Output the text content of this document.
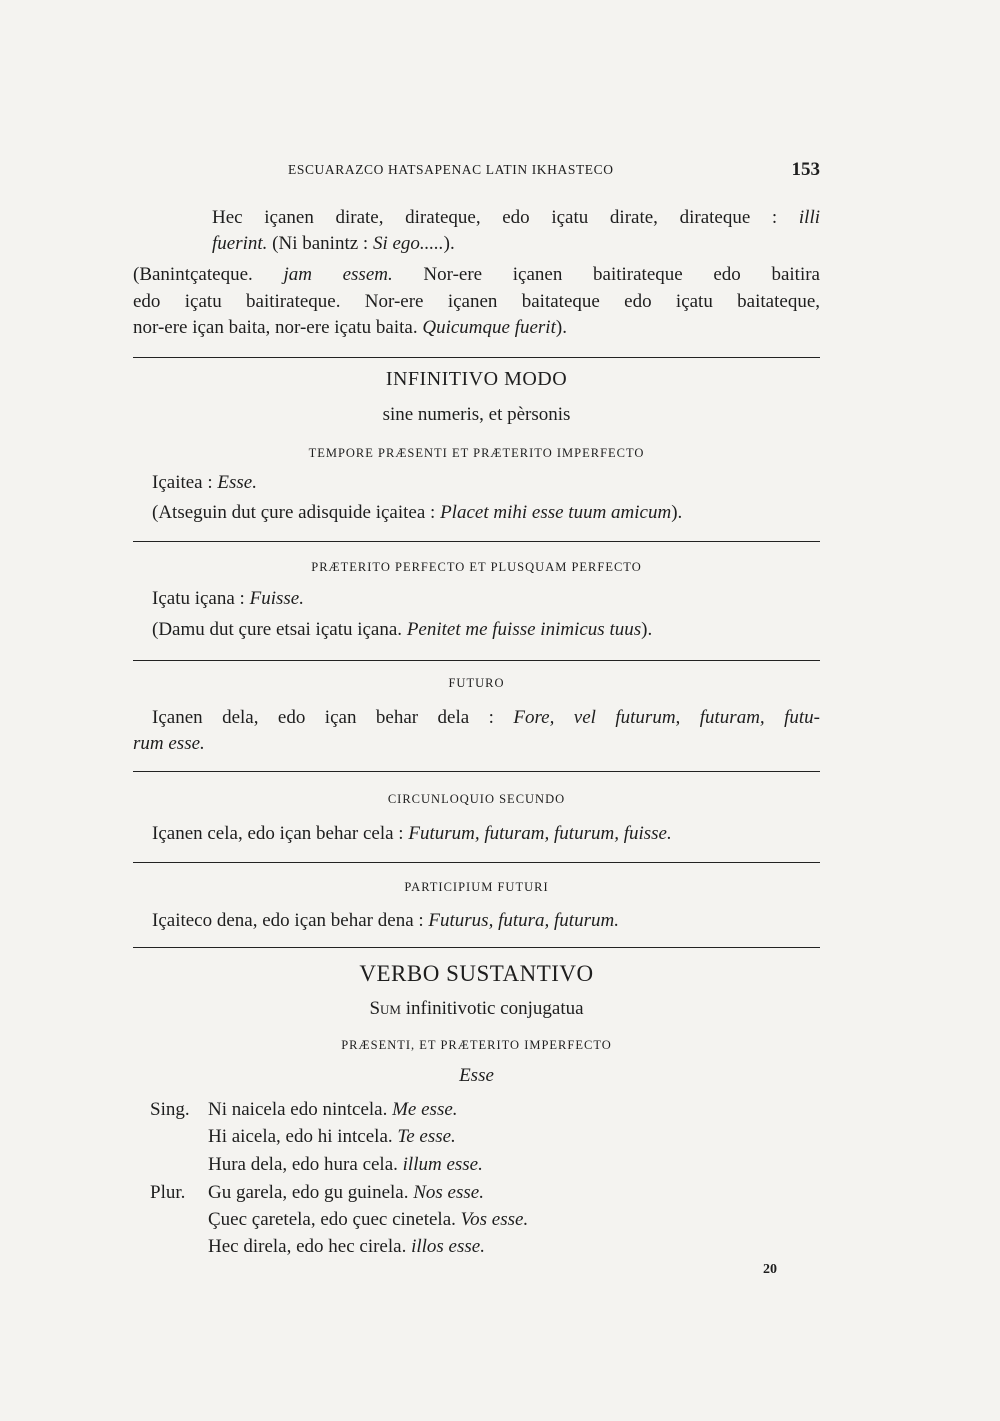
ESCUARAZCO HATSAPENAC LATIN IKHASTECO	153
Hec içanen dirate, dirateque, edo içatu dirate, dirateque : illi
fuerint. (Ni banintz : Si ego.....).
(Banintçateque. jam essem. Nor-ere içanen baitirateque edo baitira
edo içatu baitirateque. Nor-ere içanen baitateque edo içatu baitateque,
nor-ere içan baita, nor-ere içatu baita. Quicumque fuerit).
INFINITIVO MODO
sine numeris, et pèrsonis
TEMPORE PRÆSENTI ET PRÆTERITO IMPERFECTO
Içaitea : Esse.
(Atseguin dut çure adisquide içaitea : Placet mihi esse tuum amicum).
PRÆTERITO PERFECTO ET PLUSQUAM PERFECTO
Içatu içana : Fuisse.
(Damu dut çure etsai içatu içana. Penitet me fuisse inimicus tuus).
FUTURO
Içanen dela, edo içan behar dela : Fore, vel futurum, futuram, futu-
rum esse.
CIRCUNLOQUIO SECUNDO
Içanen cela, edo içan behar cela : Futurum, futuram, futurum, fuisse.
PARTICIPIUM FUTURI
Içaiteco dena, edo içan behar dena : Futurus, futura, futurum.
VERBO SUSTANTIVO
Sum infinitivotic conjugatua
PRÆSENTI, ET PRÆTERITO IMPERFECTO
Esse
Sing. Ni naicela edo nintcela. Me esse.
Hi aicela, edo hi intcela. Te esse.
Hura dela, edo hura cela. illum esse.
Plur. Gu garela, edo gu guinela. Nos esse.
Çuec çaretela, edo çuec cinetela. Vos esse.
Hec direla, edo hec cirela. illos esse.
20
